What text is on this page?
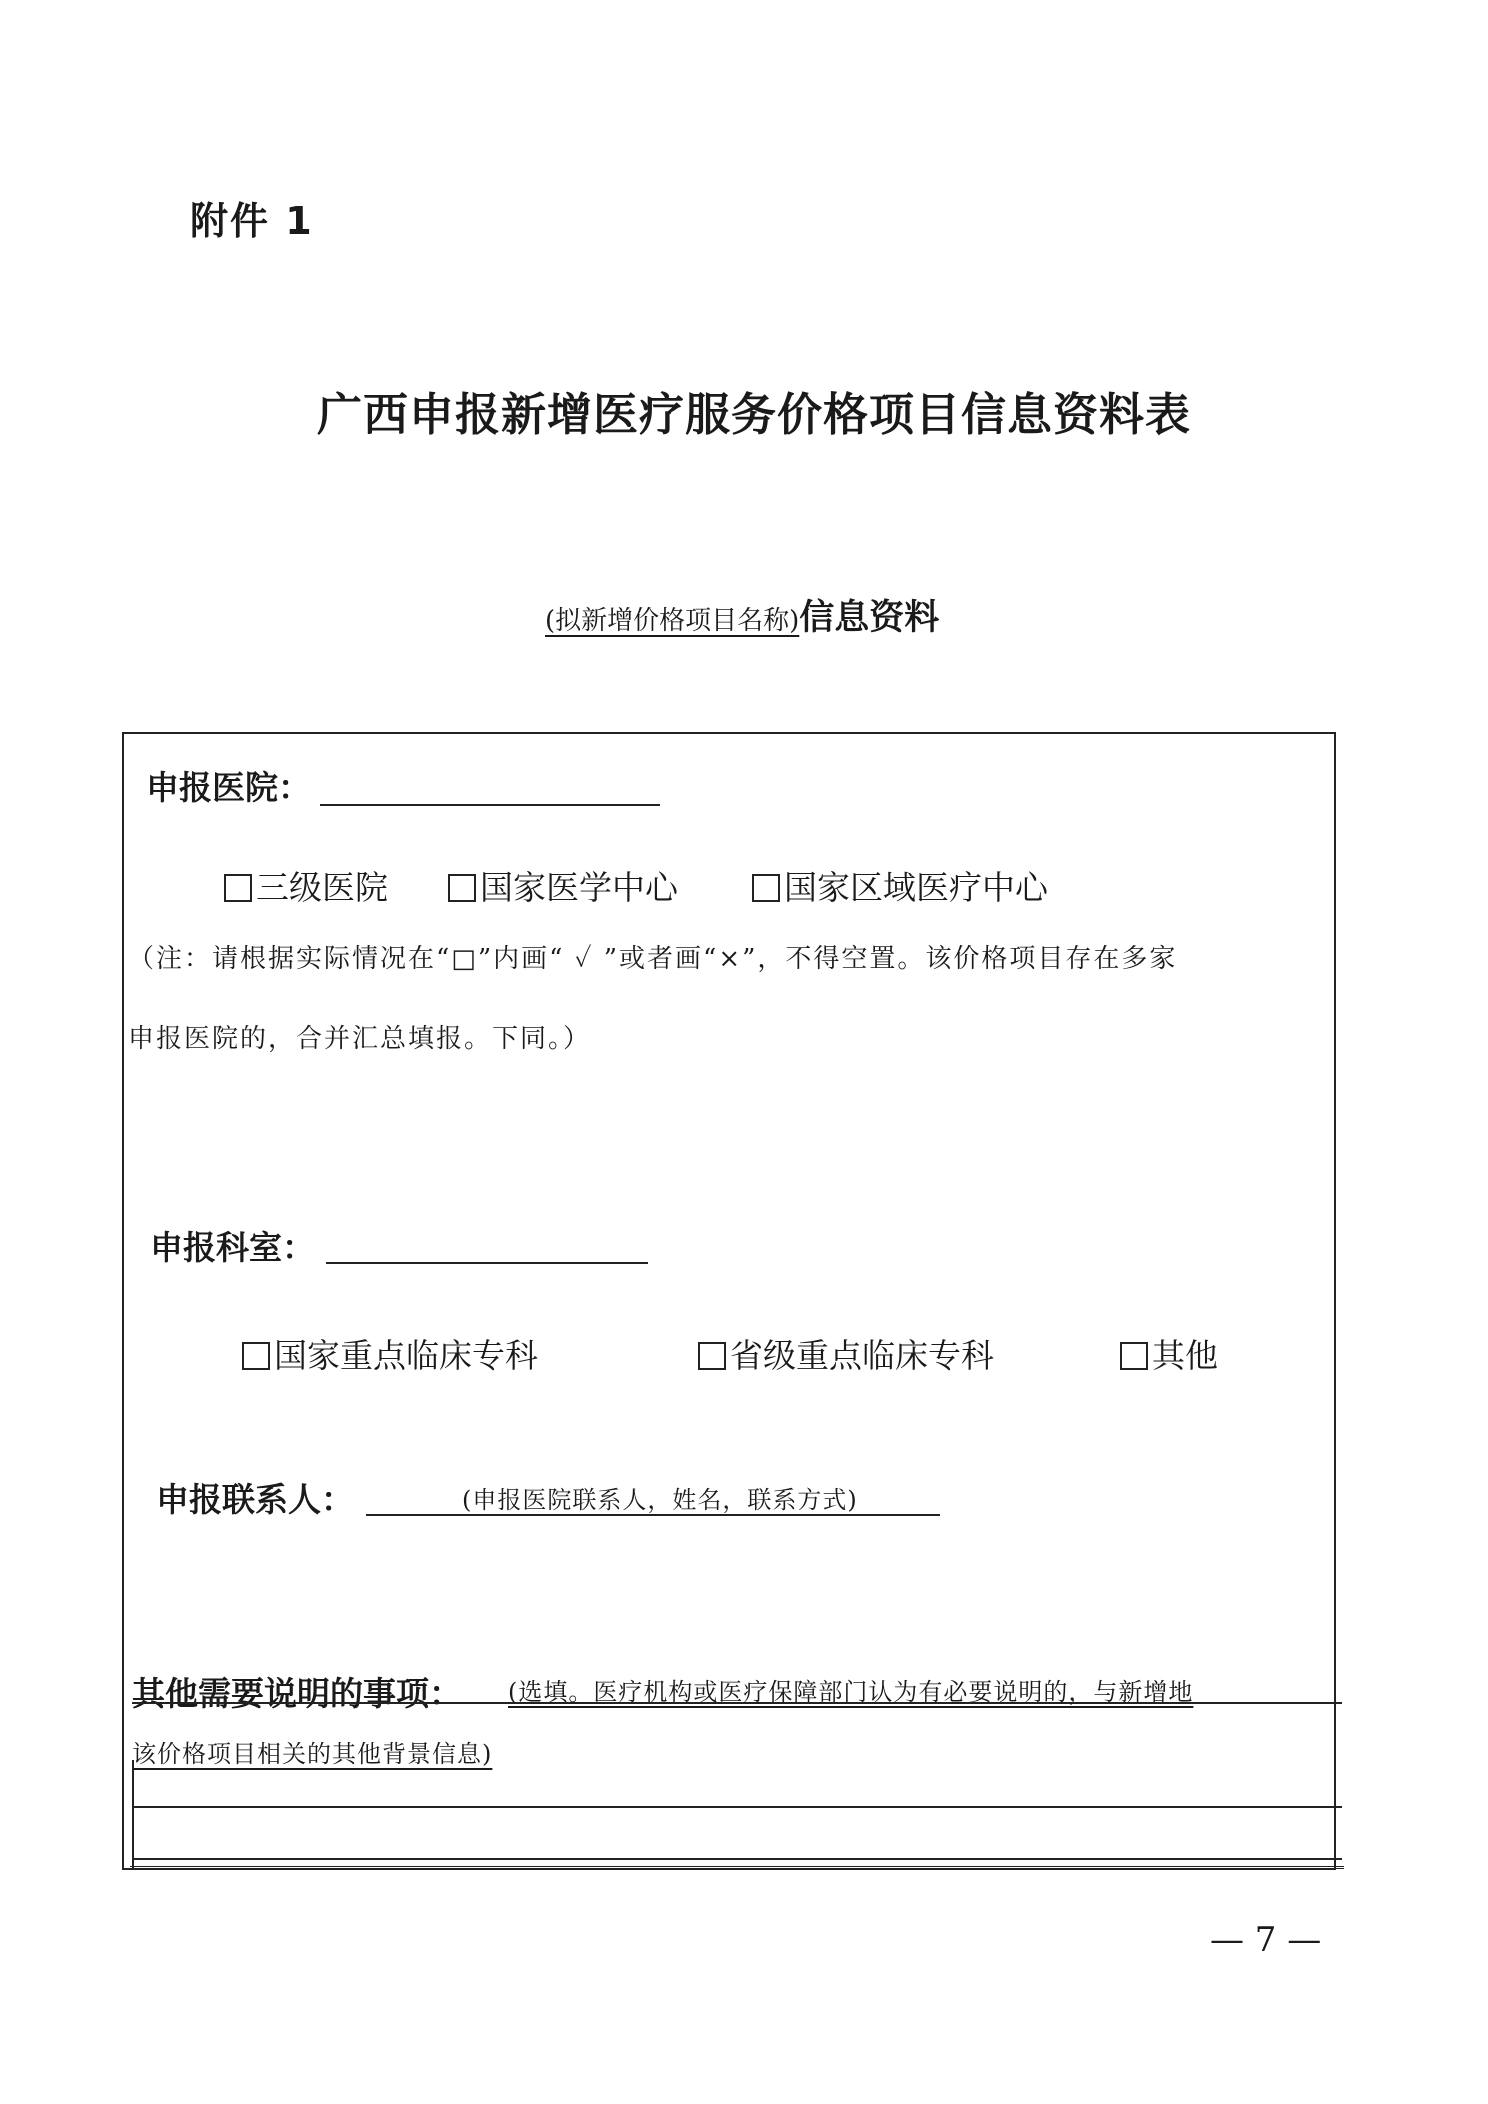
附件 1
广西申报新增医疗服务价格项目信息资料表
(拟新增价格项目名称)信息资料
申报医院：
三级医院	国家医学中心	国家区域医疗中心
（注：请根据实际情况在“□”内画“ ✓ ”或者画“×”，不得空置。该价格项目存在多家
申报医院的，合并汇总填报。下同。）
申报科室：
国家重点临床专科	省级重点临床专科	其他
申报联系人：	(申报医院联系人，姓名，联系方式)
其他需要说明的事项： (选填。医疗机构或医疗保障部门认为有必要说明的，与新增地
该价格项目相关的其他背景信息)
— 7 —
